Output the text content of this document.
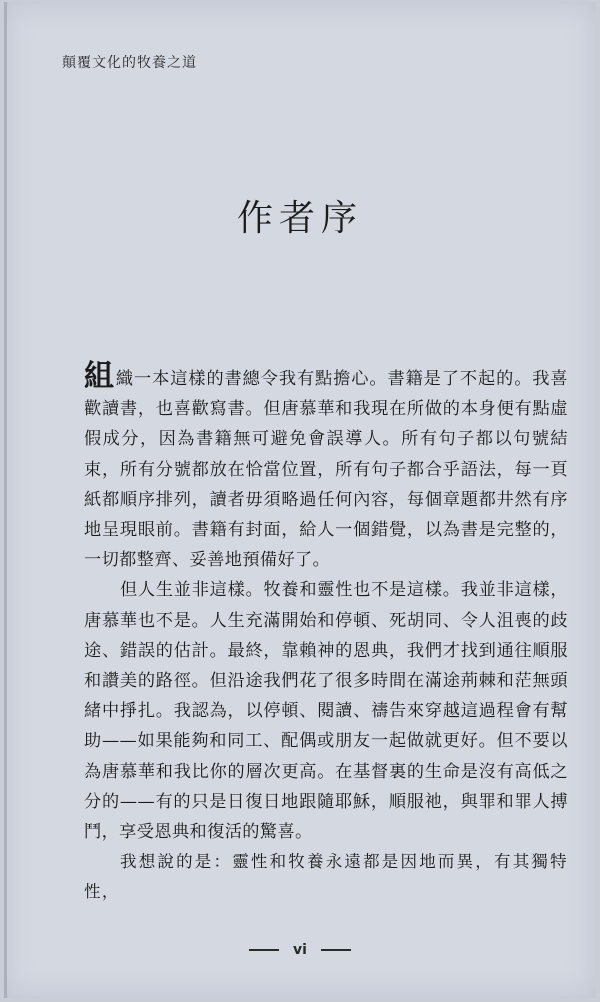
顛覆文化的牧養之道
作者序

組織一本這樣的書總令我有點擔心。書籍是了不起的。我喜歡讀書，也喜歡寫書。但唐慕華和我現在所做的本身便有點虛假成分，因為書籍無可避免會誤導人。所有句子都以句號結束，所有分號都放在恰當位置，所有句子都合乎語法，每一頁紙都順序排列，讀者毋須略過任何內容，每個章題都井然有序地呈現眼前。書籍有封面，給人一個錯覺，以為書是完整的，一切都整齊、妥善地預備好了。

但人生並非這樣。牧養和靈性也不是這樣。我並非這樣，唐慕華也不是。人生充滿開始和停頓、死胡同、令人沮喪的歧途、錯誤的估計。最終，靠賴神的恩典，我們才找到通往順服和讚美的路徑。但沿途我們花了很多時間在滿途荊棘和茫無頭緒中掙扎。我認為，以停頓、閱讀、禱告來穿越這過程會有幫助——如果能夠和同工、配偶或朋友一起做就更好。但不要以為唐慕華和我比你的層次更高。在基督裏的生命是沒有高低之分的——有的只是日復日地跟隨耶穌，順服祂，與罪和罪人搏鬥，享受恩典和復活的驚喜。

我想說的是：靈性和牧養永遠都是因地而異，有其獨特性，

vi
